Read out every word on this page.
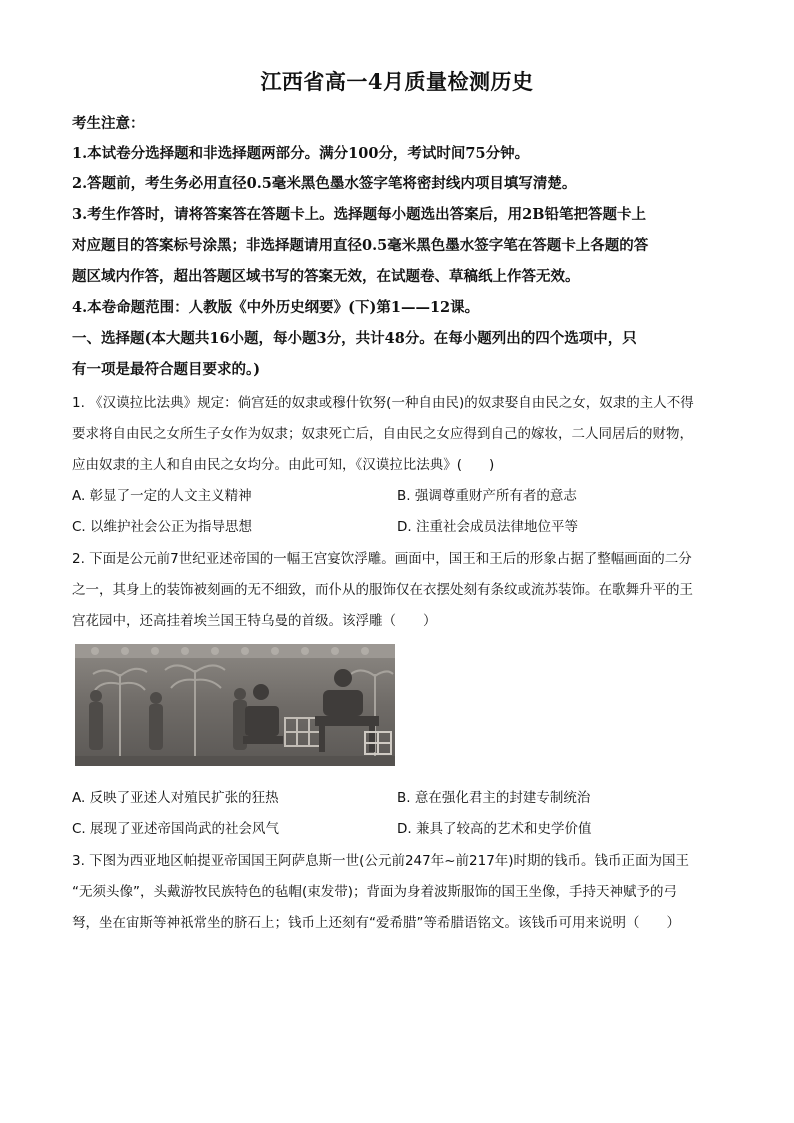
江西省高一4月质量检测历史
考生注意：
1.本试卷分选择题和非选择题两部分。满分100分，考试时间75分钟。
2.答题前，考生务必用直径0.5毫米黑色墨水签字笔将密封线内项目填写清楚。
3.考生作答时，请将答案答在答题卡上。选择题每小题选出答案后，用2B铅笔把答题卡上
对应题目的答案标号涂黑；非选择题请用直径0.5毫米黑色墨水签字笔在答题卡上各题的答
题区域内作答，超出答题区域书写的答案无效，在试题卷、草稿纸上作答无效。
4.本卷命题范围：人教版《中外历史纲要》(下)第1——12课。
一、选择题(本大题共16小题，每小题3分，共计48分。在每小题列出的四个选项中，只
有一项是最符合题目要求的。)
1. 《汉谟拉比法典》规定：倘宫廷的奴隶或穆什钦努(一种自由民)的奴隶娶自由民之女，奴隶的主人不得
要求将自由民之女所生子女作为奴隶；奴隶死亡后，自由民之女应得到自己的嫁妆，二人同居后的财物，
应由奴隶的主人和自由民之女均分。由此可知，《汉谟拉比法典》(　　)
A. 彰显了一定的人文主义精神	B. 强调尊重财产所有者的意志
C. 以维护社会公正为指导思想	D. 注重社会成员法律地位平等
2. 下面是公元前7世纪亚述帝国的一幅王宫宴饮浮雕。画面中，国王和王后的形象占据了整幅画面的二分
之一，其身上的装饰被刻画的无不细致，而仆从的服饰仅在衣摆处刻有条纹或流苏装饰。在歌舞升平的王
宫花园中，还高挂着埃兰国王特乌曼的首级。该浮雕（　　）
A. 反映了亚述人对殖民扩张的狂热	B. 意在强化君主的封建专制统治
C. 展现了亚述帝国尚武的社会风气	D. 兼具了较高的艺术和史学价值
3. 下图为西亚地区帕提亚帝国国王阿萨息斯一世(公元前247年~前217年)时期的钱币。钱币正面为国王
“无须头像”，头戴游牧民族特色的毡帽(束发带)；背面为身着波斯服饰的国王坐像，手持天神赋予的弓
弩，坐在宙斯等神祇常坐的脐石上；钱币上还刻有“爱希腊”等希腊语铭文。该钱币可用来说明（　　）
